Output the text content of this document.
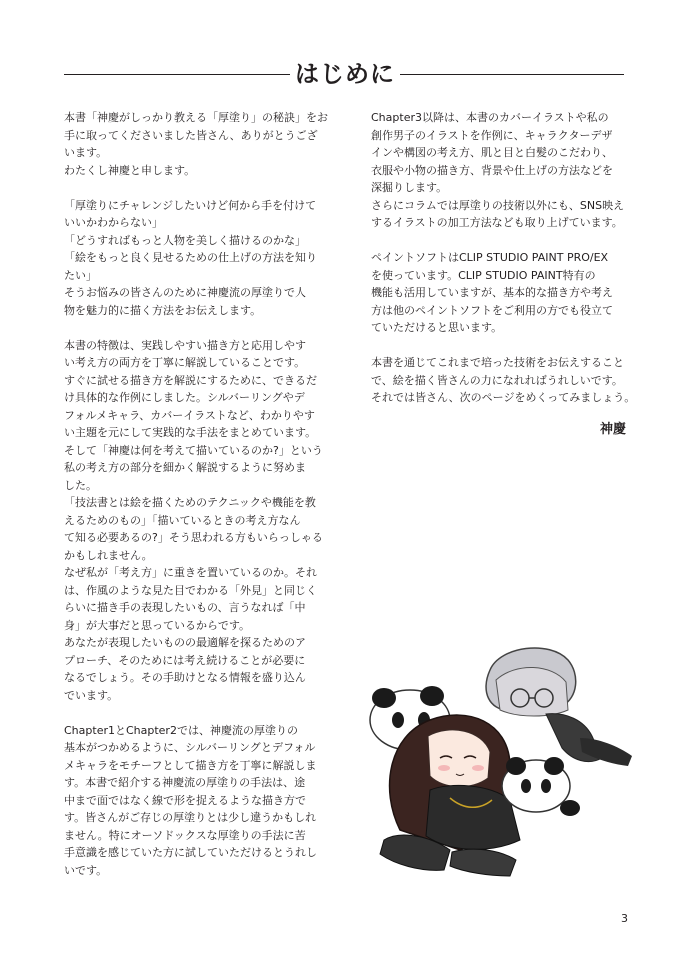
はじめに

本書「神慶がしっかり教える「厚塗り」の秘訣」をお
手に取ってくださいました皆さん、ありがとうござ
います。
わたくし神慶と申します。

「厚塗りにチャレンジしたいけど何から手を付けて
いいかわからない」
「どうすればもっと人物を美しく描けるのかな」
「絵をもっと良く見せるための仕上げの方法を知り
たい」
そうお悩みの皆さんのために神慶流の厚塗りで人
物を魅力的に描く方法をお伝えします。

本書の特徴は、実践しやすい描き方と応用しやす
い考え方の両方を丁寧に解説していることです。
すぐに試せる描き方を解説にするために、できるだ
け具体的な作例にしました。シルバーリングやデ
フォルメキャラ、カバーイラストなど、わかりやす
い主題を元にして実践的な手法をまとめています。
そして「神慶は何を考えて描いているのか?」という
私の考え方の部分を細かく解説するように努めま
した。
「技法書とは絵を描くためのテクニックや機能を教
えるためのもの」「描いているときの考え方なん
て知る必要あるの?」そう思われる方もいらっしゃる
かもしれません。
なぜ私が「考え方」に重きを置いているのか。それ
は、作風のような見た目でわかる「外見」と同じく
らいに描き手の表現したいもの、言うなれば「中
身」が大事だと思っているからです。
あなたが表現したいものの最適解を探るためのア
プローチ、そのためには考え続けることが必要に
なるでしょう。その手助けとなる情報を盛り込ん
でいます。

Chapter1とChapter2では、神慶流の厚塗りの
基本がつかめるように、シルバーリングとデフォル
メキャラをモチーフとして描き方を丁寧に解説しま
す。本書で紹介する神慶流の厚塗りの手法は、途
中まで面ではなく線で形を捉えるような描き方で
す。皆さんがご存じの厚塗りとは少し違うかもしれ
ません。特にオーソドックスな厚塗りの手法に苦
手意識を感じていた方に試していただけるとうれし
いです。

Chapter3以降は、本書のカバーイラストや私の
創作男子のイラストを作例に、キャラクターデザ
インや構図の考え方、肌と目と白髪のこだわり、
衣服や小物の描き方、背景や仕上げの方法などを
深掘りします。
さらにコラムでは厚塗りの技術以外にも、SNS映え
するイラストの加工方法なども取り上げています。

ペイントソフトはCLIP STUDIO PAINT PRO/EX
を使っています。CLIP STUDIO PAINT特有の
機能も活用していますが、基本的な描き方や考え
方は他のペイントソフトをご利用の方でも役立て
ていただけると思います。

本書を通じてこれまで培った技術をお伝えすること
で、絵を描く皆さんの力になれればうれしいです。
それでは皆さん、次のページをめくってみましょう。

神慶
3
